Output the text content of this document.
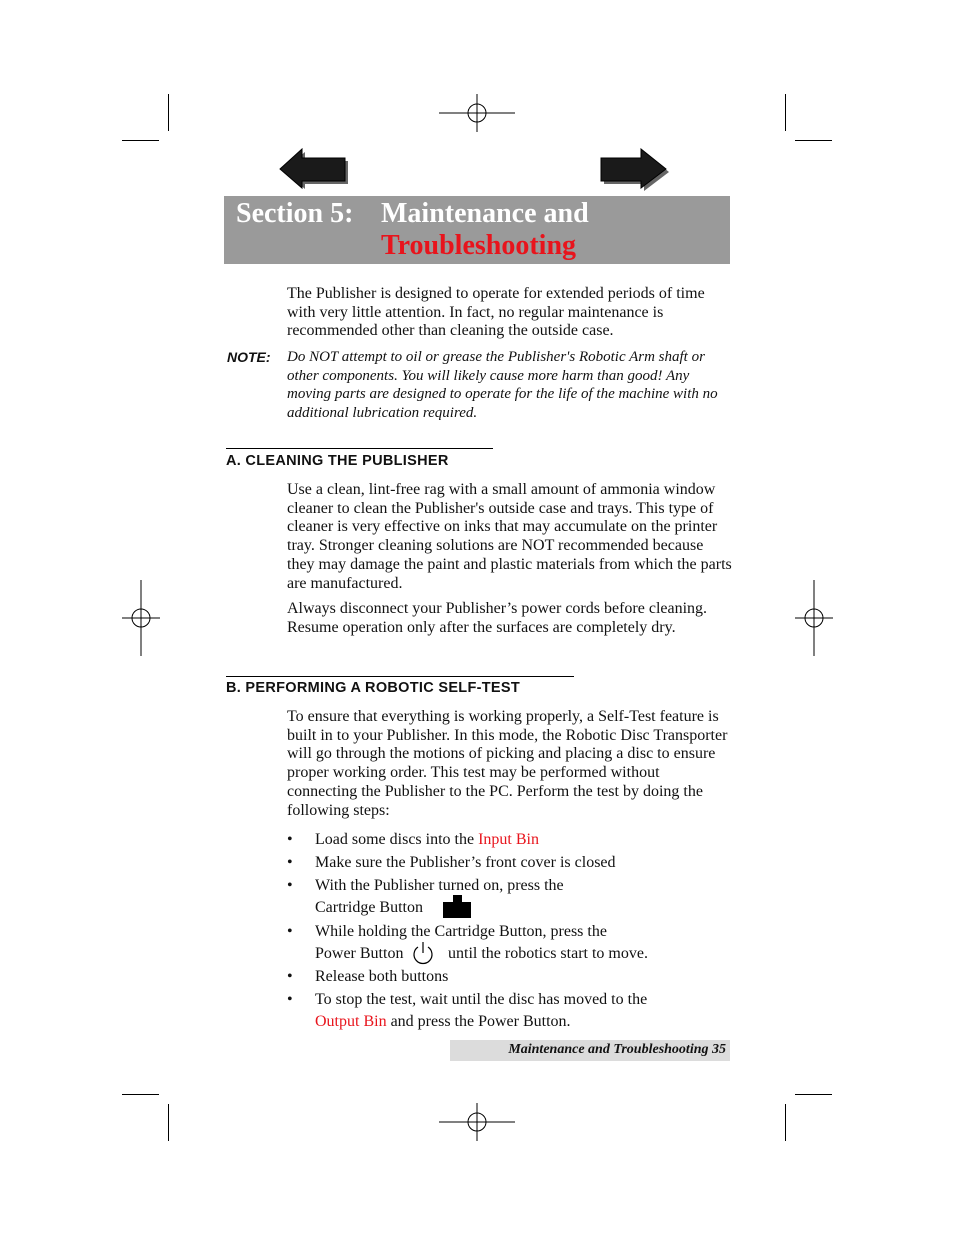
Section 5: Maintenance and
Troubleshooting
The Publisher is designed to operate for extended periods of time with very little attention. In fact, no regular maintenance is recommended other than cleaning the outside case.
NOTE: Do NOT attempt to oil or grease the Publisher's Robotic Arm shaft or other components. You will likely cause more harm than good! Any moving parts are designed to operate for the life of the machine with no additional lubrication required.
A. CLEANING THE PUBLISHER
Use a clean, lint-free rag with a small amount of ammonia window cleaner to clean the Publisher's outside case and trays. This type of cleaner is very effective on inks that may accumulate on the printer tray. Stronger cleaning solutions are NOT recommended because they may damage the paint and plastic materials from which the parts are manufactured.
Always disconnect your Publisher’s power cords before cleaning. Resume operation only after the surfaces are completely dry.
B. PERFORMING A ROBOTIC SELF-TEST
To ensure that everything is working properly, a Self-Test feature is built in to your Publisher. In this mode, the Robotic Disc Transporter will go through the motions of picking and placing a disc to ensure proper working order. This test may be performed without connecting the Publisher to the PC. Perform the test by doing the following steps:
• Load some discs into the Input Bin
• Make sure the Publisher’s front cover is closed
• With the Publisher turned on, press the
Cartridge Button
• While holding the Cartridge Button, press the
Power Button	until the robotics start to move.
• Release both buttons
• To stop the test, wait until the disc has moved to the
Output Bin and press the Power Button.
Maintenance and Troubleshooting 35
